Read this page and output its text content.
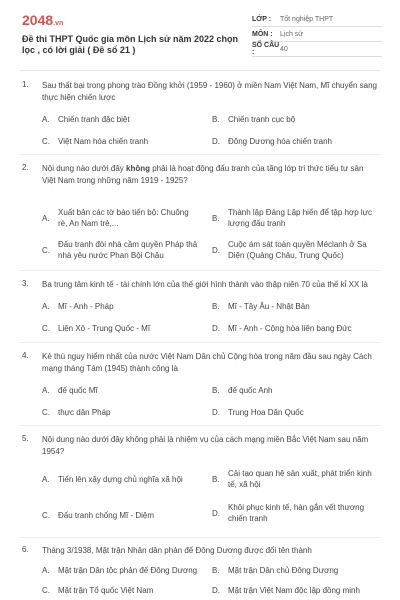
2048.vn
Đề thi THPT Quốc gia môn Lịch sử năm 2022 chọn lọc , có lời giải ( Đề số 21 )
LỚP :	Tốt nghiệp THPT
MÔN :	Lịch sử
SỐ CÂU :	40
1. Sau thất bại trong phong trào Đồng khởi (1959 - 1960) ở miền Nam Việt Nam, Mĩ chuyển sang thực hiện chiến lược
A. Chiến tranh đặc biệt	B. Chiến tranh cục bộ
C. Việt Nam hóa chiến tranh	D. Đông Dương hóa chiến tranh
2. Nội dung nào dưới đây không phải là hoạt động đấu tranh của tầng lớp tri thức tiểu tư sản Việt Nam trong những năm 1919 - 1925?
A.
Xuất bản các tờ báo tiến bộ: Chuông rè, An Nam trẻ,...
B.
Thành lập Đảng Lập hiến để tập hợp lực lượng đấu tranh
C.
Đấu tranh đòi nhà cầm quyền Pháp thả nhà yêu nước Phan Bội Châu
D.
Cuộc ám sát toàn quyền Méclanh ở Sa Diện (Quảng Châu, Trung Quốc)
3. Ba trung tâm kinh tế - tài chính lớn của thế giới hình thành vào thập niên 70 của thế kỉ XX là
A. Mĩ - Anh - Pháp	B. Mĩ - Tây Âu - Nhật Bản
C. Liên Xô - Trung Quốc - Mĩ	D. Mĩ - Anh - Cộng hòa liên bang Đức
4. Kẻ thù nguy hiểm nhất của nước Việt Nam Dân chủ Cộng hòa trong năm đầu sau ngày Cách mạng tháng Tám (1945) thành công là
A. đế quốc Mĩ	B. đế quốc Anh
C. thực dân Pháp	D. Trung Hoa Dân Quốc
5. Nội dung nào dưới đây không phải là nhiệm vụ của cách mạng miền Bắc Việt Nam sau năm 1954?
A. Tiến lên xây dựng chủ nghĩa xã hội	B.
Cải tạo quan hệ sản xuất, phát triển kinh tế, xã hội
C. Đấu tranh chống Mĩ - Diệm	D.
Khôi phục kinh tế, hàn gắn vết thương chiến tranh
6. Tháng 3/1938, Mặt trận Nhân dân phản đế Đông Dương được đổi tên thành
A. Mặt trận Dân tộc phản đế Đông Dương	B. Mặt trận Dân chủ Đông Dương
C. Mặt trận Tổ quốc Việt Nam	D. Mặt trận Việt Nam độc lập đồng minh
